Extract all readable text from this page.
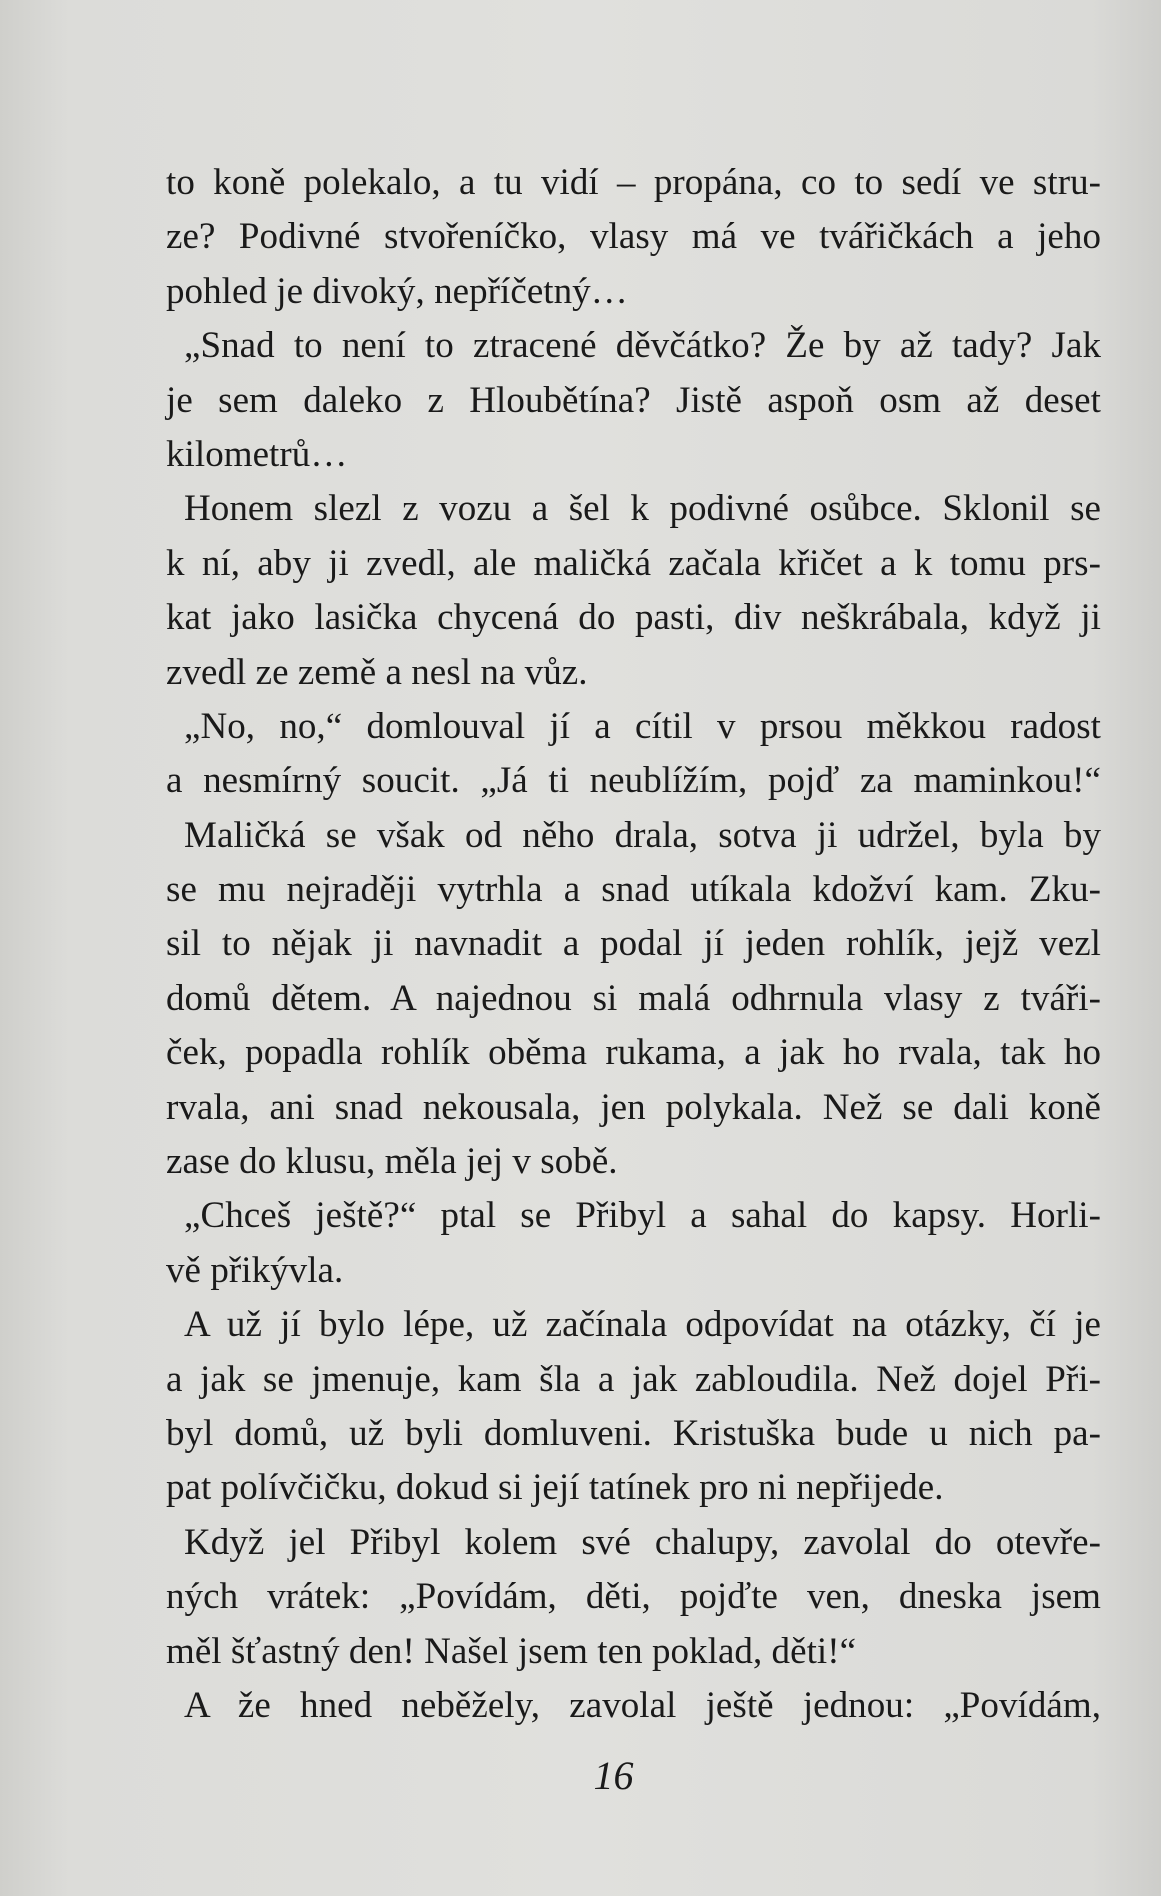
to koně polekalo, a tu vidí – propána, co to sedí ve stru-
ze? Podivné stvořeníčko, vlasy má ve tvářičkách a jeho
pohled je divoký, nepříčetný…
„Snad to není to ztracené děvčátko? Že by až tady? Jak
je sem daleko z Hloubětína? Jistě aspoň osm až deset
kilometrů…
Honem slezl z vozu a šel k podivné osůbce. Sklonil se
k ní, aby ji zvedl, ale maličká začala křičet a k tomu prs-
kat jako lasička chycená do pasti, div neškrábala, když ji
zvedl ze země a nesl na vůz.
„No, no,“ domlouval jí a cítil v prsou měkkou radost
a nesmírný soucit. „Já ti neublížím, pojď za maminkou!“
Maličká se však od něho drala, sotva ji udržel, byla by
se mu nejraději vytrhla a snad utíkala kdožví kam. Zku-
sil to nějak ji navnadit a podal jí jeden rohlík, jejž vezl
domů dětem. A najednou si malá odhrnula vlasy z tváři-
ček, popadla rohlík oběma rukama, a jak ho rvala, tak ho
rvala, ani snad nekousala, jen polykala. Než se dali koně
zase do klusu, měla jej v sobě.
„Chceš ještě?“ ptal se Přibyl a sahal do kapsy. Horli-
vě přikývla.
A už jí bylo lépe, už začínala odpovídat na otázky, čí je
a jak se jmenuje, kam šla a jak zabloudila. Než dojel Při-
byl domů, už byli domluveni. Kristuška bude u nich pa-
pat polívčičku, dokud si její tatínek pro ni nepřijede.
Když jel Přibyl kolem své chalupy, zavolal do otevře-
ných vrátek: „Povídám, děti, pojďte ven, dneska jsem
měl šťastný den! Našel jsem ten poklad, děti!“
A že hned neběžely, zavolal ještě jednou: „Povídám,
16
